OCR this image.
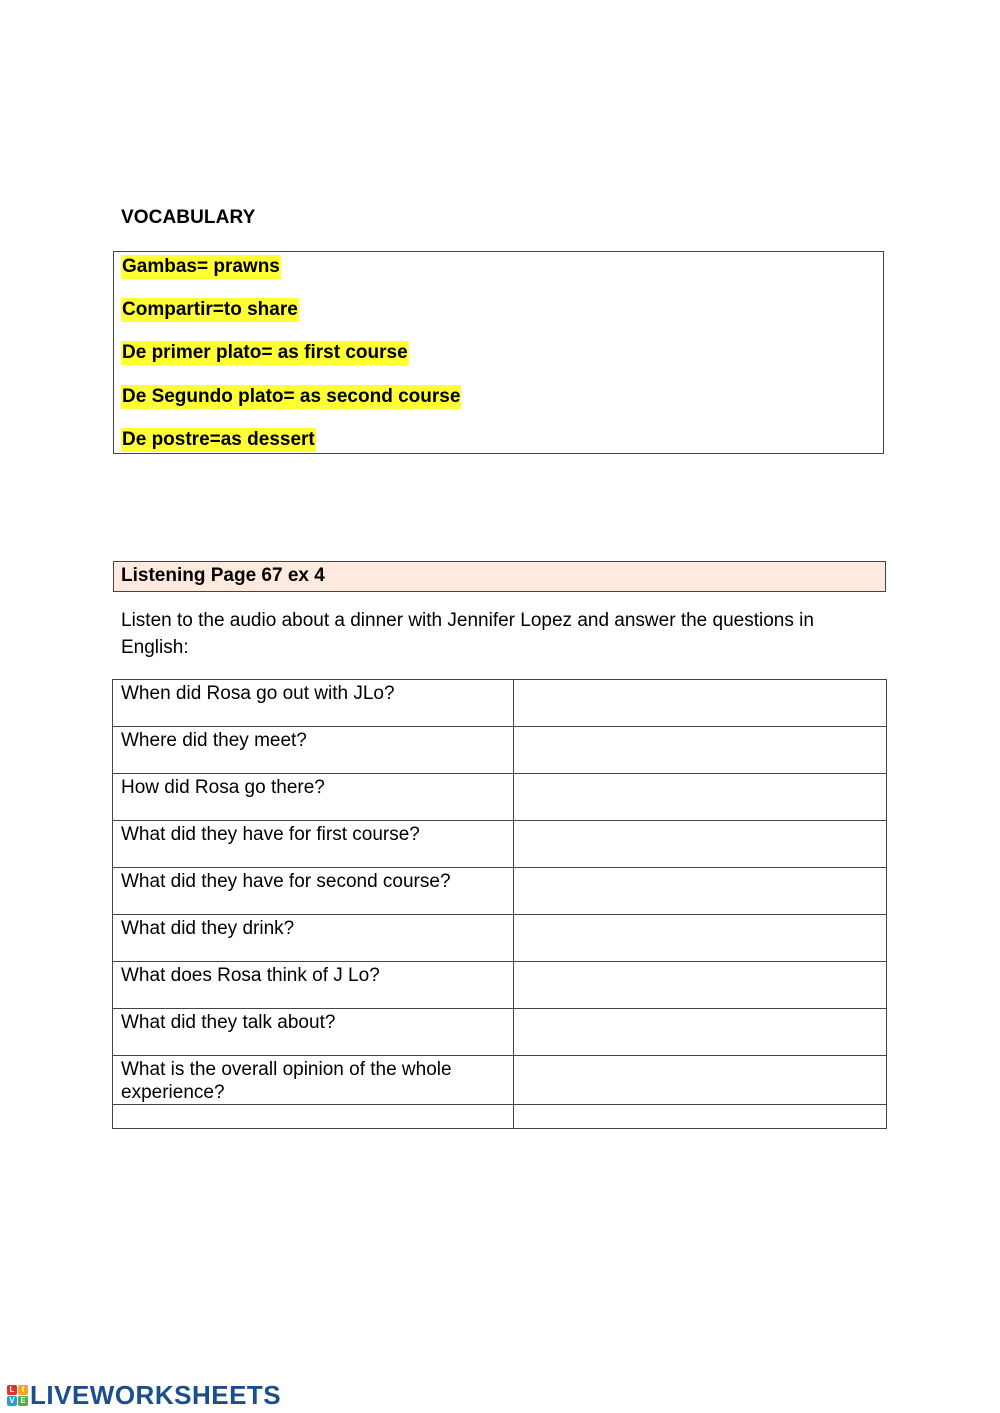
VOCABULARY
Gambas= prawns
Compartir=to share
De primer plato= as first course
De Segundo plato= as second course
De postre=as dessert
Listening Page 67 ex 4

Listen to the audio about a dinner with Jennifer Lopez and answer the questions in English:

When did Rosa go out with JLo?	
Where did they meet?	
How did Rosa go there?	
What did they have for first course?	
What did they have for second course?	
What did they drink?	
What does Rosa think of J Lo?	
What did they talk about?	
What is the overall opinion of the whole experience?	

L I
V E LIVEWORKSHEETS
